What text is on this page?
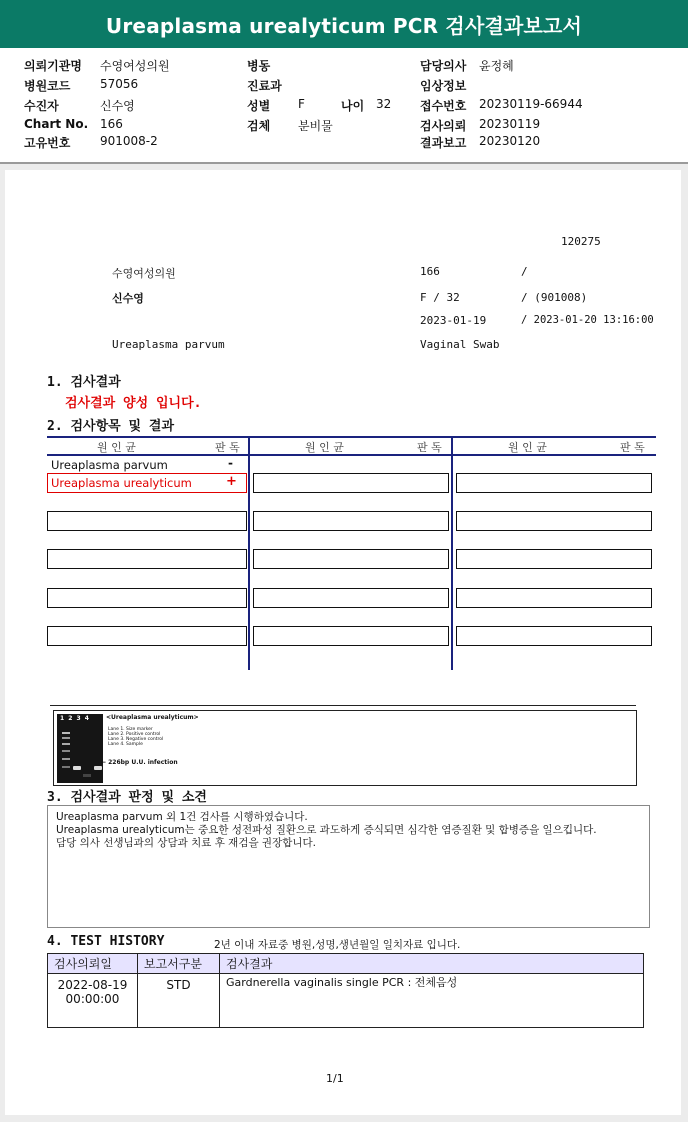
Ureaplasma urealyticum PCR 검사결과보고서
의뢰기관명 수영여성의원
병원코드 57056
수진자	신수영
Chart No. 166
고유번호 901008-2
병동
진료과
성별 F	나이 32
검체 분비물
담당의사 윤정혜
임상정보
접수번호 20230119-66944
검사의뢰 20230119
결과보고 20230120
120275
수영여성의원	166	/
신수영	F / 32	/ (901008)
2023-01-19	/ 2023-01-20 13:16:00
Ureaplasma parvum	Vaginal Swab
1. 검사결과
검사결과 양성 입니다.
2. 검사항목 및 결과
원 인 균	판 독	원 인 균	판 독	원 인 균	판 독
Ureaplasma parvum	-
Ureaplasma urealyticum	+
1 2 3 4	<Ureaplasma urealyticum>
Lane 1. Size marker
Lane 2. Positive control
Lane 3. Negative control
Lane 4. Sample
← 226bp U.U. infection
3. 검사결과 판정 및 소견
Ureaplasma parvum 외 1건 검사를 시행하였습니다.
Ureaplasma urealyticum는 중요한 성전파성 질환으로 과도하게 증식되면 심각한 염증질환 및 합병증을 일으킵니다.
담당 의사 선생님과의 상담과 치료 후 재검을 권장합니다.
4. TEST HISTORY	2년 이내 자료중 병원,성명,생년월일 일치자료 입니다.
검사의뢰일	보고서구분	검사결과

2022-08-19
00:00:00	STD	Gardnerella vaginalis single PCR : 전체음성
1/1
